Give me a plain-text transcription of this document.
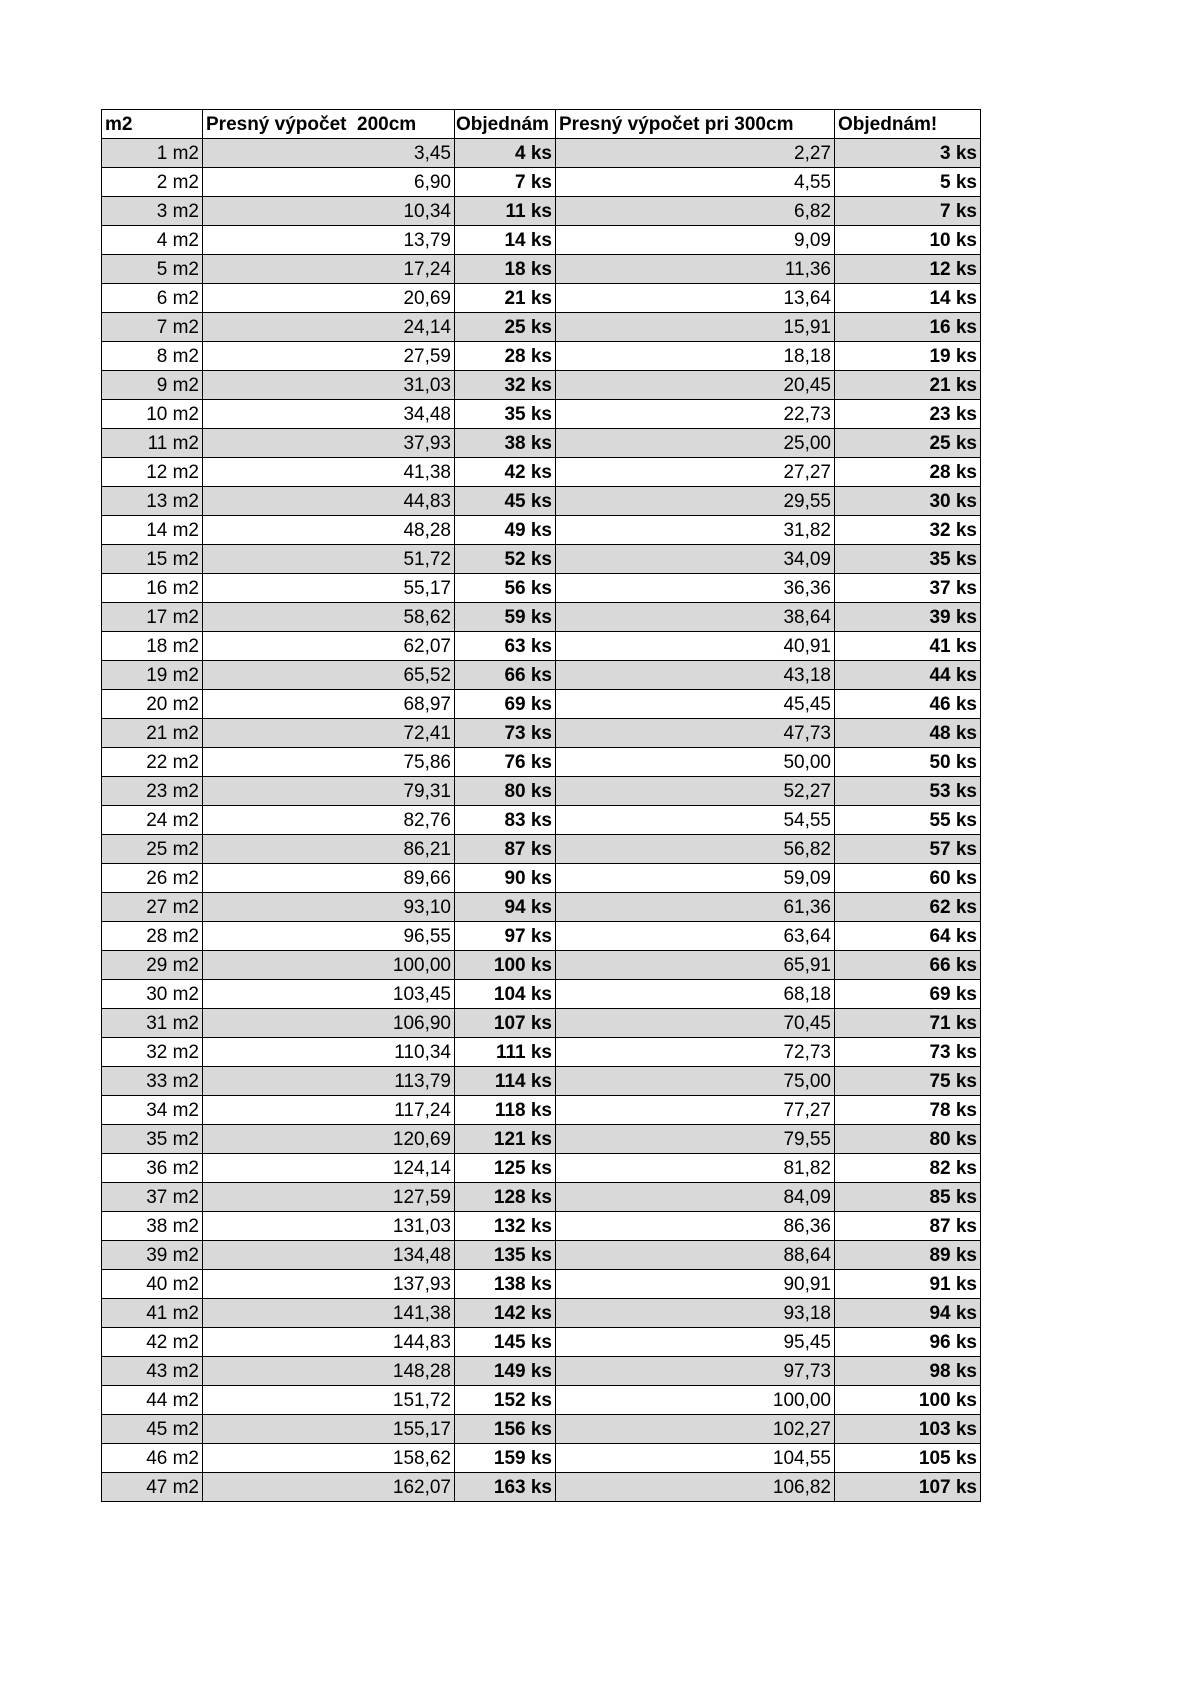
m2	Presný výpočet  200cm	Objednám	Presný výpočet pri 300cm	Objednám!
1 m2	3,45	4 ks	2,27	3 ks
2 m2	6,90	7 ks	4,55	5 ks
3 m2	10,34	11 ks	6,82	7 ks
4 m2	13,79	14 ks	9,09	10 ks
5 m2	17,24	18 ks	11,36	12 ks
6 m2	20,69	21 ks	13,64	14 ks
7 m2	24,14	25 ks	15,91	16 ks
8 m2	27,59	28 ks	18,18	19 ks
9 m2	31,03	32 ks	20,45	21 ks
10 m2	34,48	35 ks	22,73	23 ks
11 m2	37,93	38 ks	25,00	25 ks
12 m2	41,38	42 ks	27,27	28 ks
13 m2	44,83	45 ks	29,55	30 ks
14 m2	48,28	49 ks	31,82	32 ks
15 m2	51,72	52 ks	34,09	35 ks
16 m2	55,17	56 ks	36,36	37 ks
17 m2	58,62	59 ks	38,64	39 ks
18 m2	62,07	63 ks	40,91	41 ks
19 m2	65,52	66 ks	43,18	44 ks
20 m2	68,97	69 ks	45,45	46 ks
21 m2	72,41	73 ks	47,73	48 ks
22 m2	75,86	76 ks	50,00	50 ks
23 m2	79,31	80 ks	52,27	53 ks
24 m2	82,76	83 ks	54,55	55 ks
25 m2	86,21	87 ks	56,82	57 ks
26 m2	89,66	90 ks	59,09	60 ks
27 m2	93,10	94 ks	61,36	62 ks
28 m2	96,55	97 ks	63,64	64 ks
29 m2	100,00	100 ks	65,91	66 ks
30 m2	103,45	104 ks	68,18	69 ks
31 m2	106,90	107 ks	70,45	71 ks
32 m2	110,34	111 ks	72,73	73 ks
33 m2	113,79	114 ks	75,00	75 ks
34 m2	117,24	118 ks	77,27	78 ks
35 m2	120,69	121 ks	79,55	80 ks
36 m2	124,14	125 ks	81,82	82 ks
37 m2	127,59	128 ks	84,09	85 ks
38 m2	131,03	132 ks	86,36	87 ks
39 m2	134,48	135 ks	88,64	89 ks
40 m2	137,93	138 ks	90,91	91 ks
41 m2	141,38	142 ks	93,18	94 ks
42 m2	144,83	145 ks	95,45	96 ks
43 m2	148,28	149 ks	97,73	98 ks
44 m2	151,72	152 ks	100,00	100 ks
45 m2	155,17	156 ks	102,27	103 ks
46 m2	158,62	159 ks	104,55	105 ks
47 m2	162,07	163 ks	106,82	107 ks
